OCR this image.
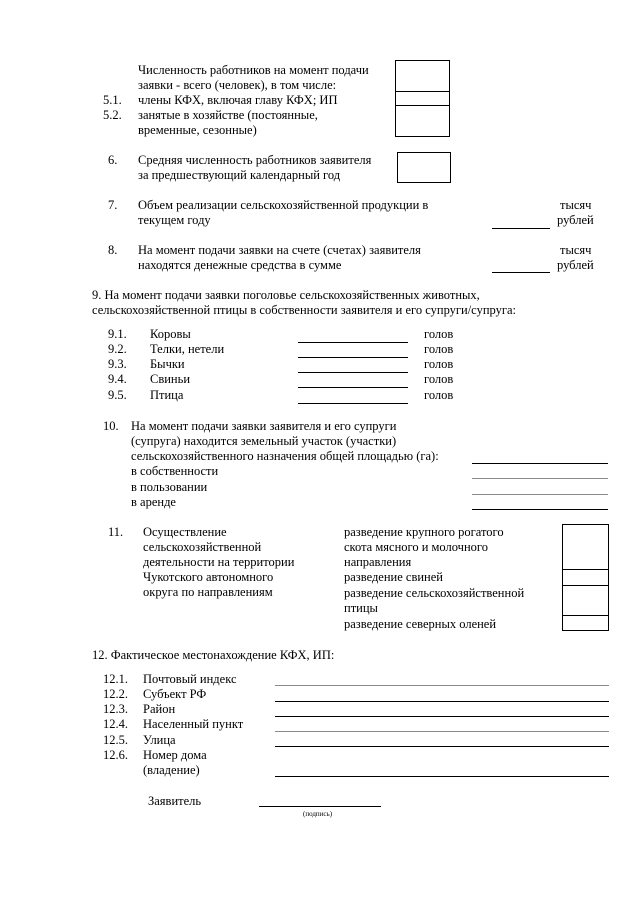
Численность работников на момент подачи
заявки - всего (человек), в том числе:
5.1. члены КФХ, включая главу КФХ; ИП
5.2. занятые в хозяйстве (постоянные,
временные, сезонные)
6. Средняя численность работников заявителя
за предшествующий календарный год
7. Объем реализации сельскохозяйственной продукции в
текущем году
тысяч
рублей
8. На момент подачи заявки на счете (счетах) заявителя
находятся денежные средства в сумме
тысяч
рублей
9. На момент подачи заявки поголовье сельскохозяйственных животных,
сельскохозяйственной птицы в собственности заявителя и его супруги/супруга:
9.1. Коровы	голов
9.2. Телки, нетели	голов
9.3. Бычки	голов
9.4. Свиньи	голов
9.5. Птица	голов
10. На момент подачи заявки заявителя и его супруги
(супруга) находится земельный участок (участки)
сельскохозяйственного назначения общей площадью (га):
в собственности
в пользовании
в аренде
11. Осуществление
сельскохозяйственной
деятельности на территории
Чукотского автономного
округа по направлениям
разведение крупного рогатого
скота мясного и молочного
направления
разведение свиней
разведение сельскохозяйственной
птицы
разведение северных оленей
12. Фактическое местонахождение КФХ, ИП:
12.1. Почтовый индекс
12.2. Субъект РФ
12.3. Район
12.4. Населенный пункт
12.5. Улица
12.6. Номер дома
(владение)
Заявитель
(подпись)
